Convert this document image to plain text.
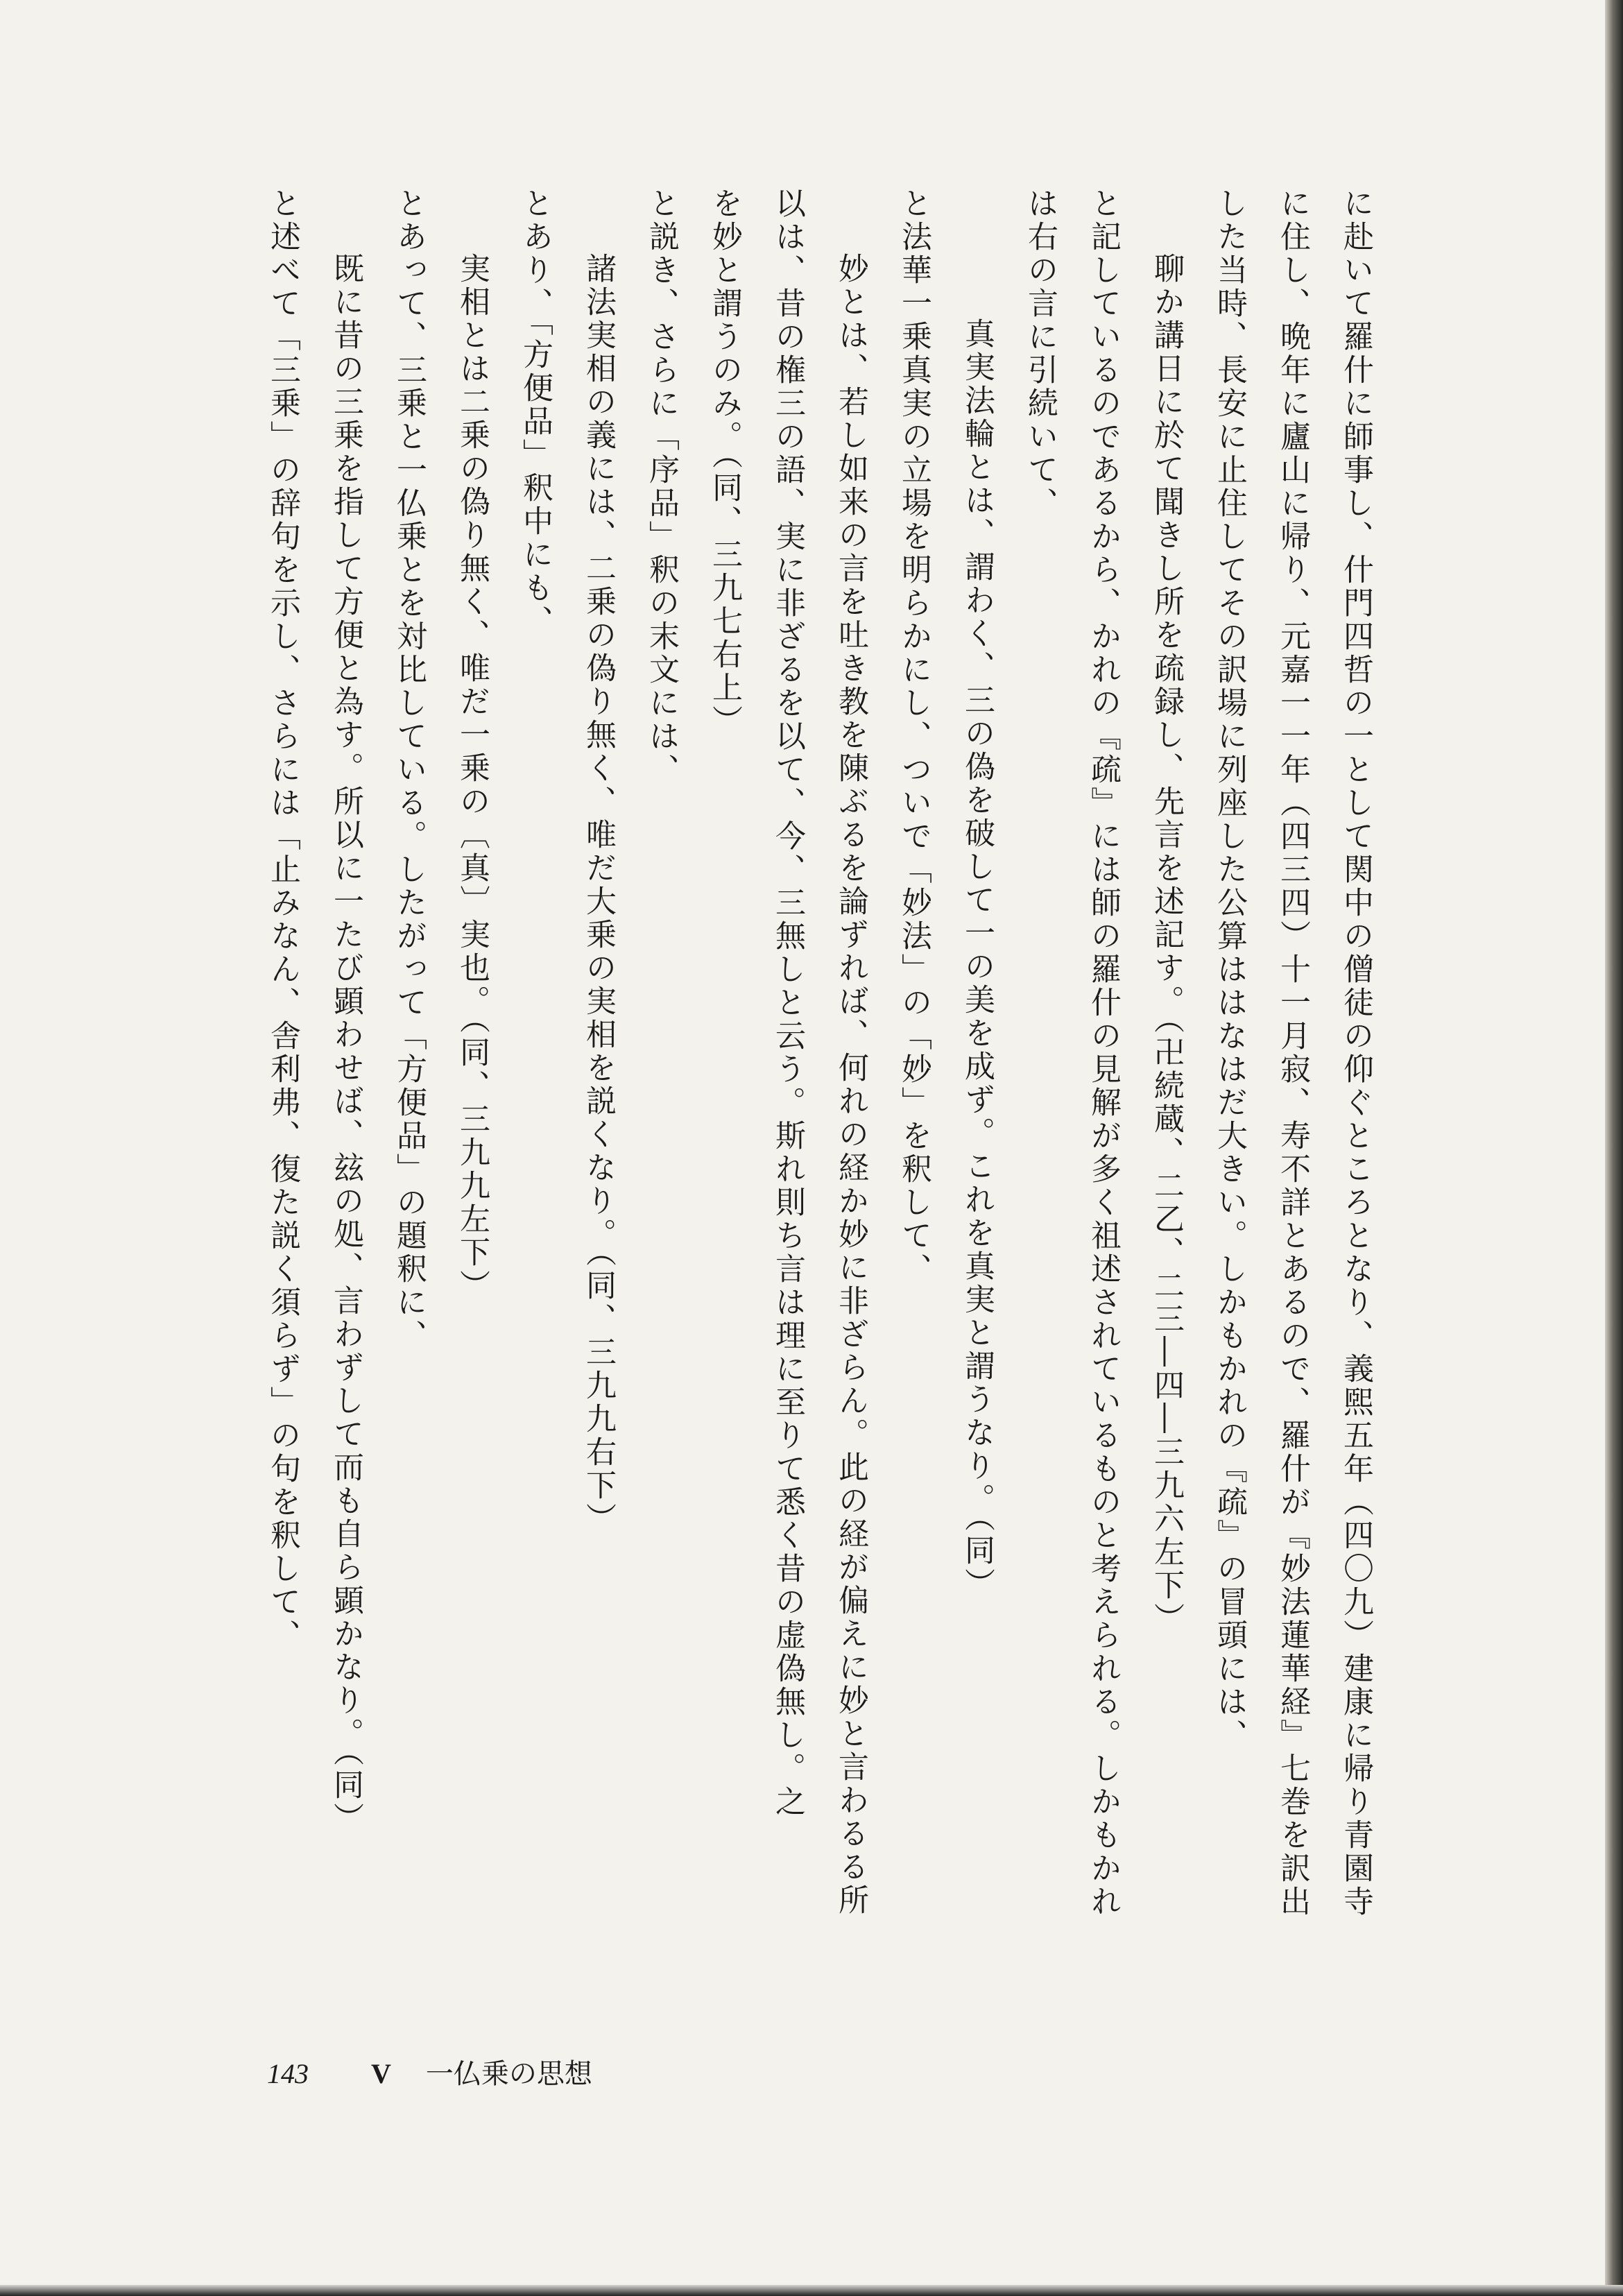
に赴いて羅什に師事し、什門四哲の一として関中の僧徒の仰ぐところとなり、義煕五年（四〇九）建康に帰り青園寺
に住し、晩年に廬山に帰り、元嘉一一年（四三四）十一月寂、寿不詳とあるので、羅什が『妙法蓮華経』七巻を訳出
した当時、長安に止住してその訳場に列座した公算ははなはだ大きい。しかもかれの『疏』の冒頭には、
聊か講日に於て聞きし所を疏録し、先言を述記す。（卍続蔵、二乙、二三―四―三九六左下）
と記しているのであるから、かれの『疏』には師の羅什の見解が多く祖述されているものと考えられる。しかもかれ
は右の言に引続いて、
真実法輪とは、謂わく、三の偽を破して一の美を成ず。これを真実と謂うなり。（同）
と法華一乗真実の立場を明らかにし、ついで「妙法」の「妙」を釈して、
妙とは、若し如来の言を吐き教を陳ぶるを論ずれば、何れの経か妙に非ざらん。此の経が偏えに妙と言わるる所
以は、昔の権三の語、実に非ざるを以て、今、三無しと云う。斯れ則ち言は理に至りて悉く昔の虚偽無し。之
を妙と謂うのみ。（同、三九七右上）
と説き、さらに「序品」釈の末文には、
諸法実相の義には、二乗の偽り無く、唯だ大乗の実相を説くなり。（同、三九九右下）
とあり、「方便品」釈中にも、
実相とは二乗の偽り無く、唯だ一乗の〔真〕実也。（同、三九九左下）
とあって、三乗と一仏乗とを対比している。したがって「方便品」の題釈に、
既に昔の三乗を指して方便と為す。所以に一たび顕わせば、玆の処、言わずして而も自ら顕かなり。（同）
と述べて「三乗」の辞句を示し、さらには「止みなん、舎利弗、復た説く須らず」の句を釈して、
143 V 一仏乗の思想
